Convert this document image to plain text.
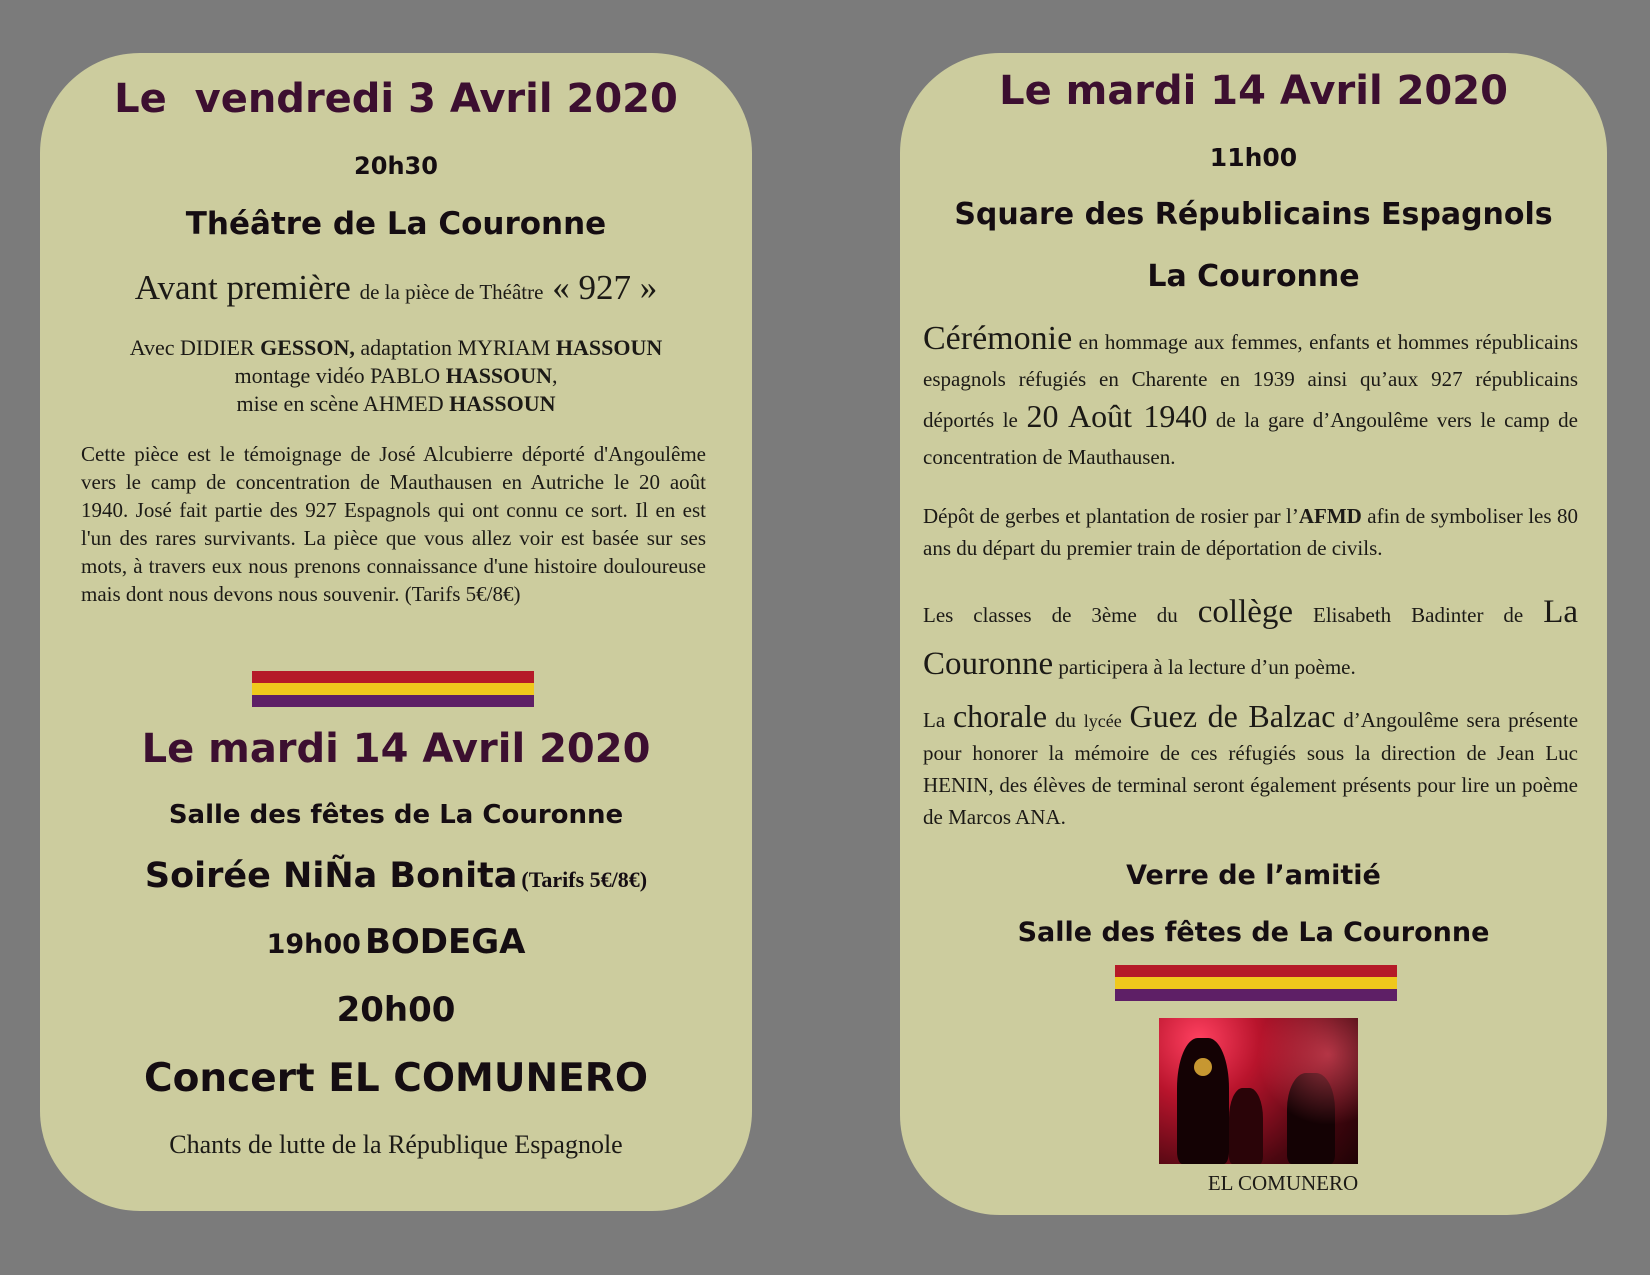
Le  vendredi 3 Avril 2020
20h30
Théâtre de La Couronne
Avant première de la pièce de Théâtre « 927 »
Avec DIDIER GESSON, adaptation MYRIAM HASSOUN
montage vidéo PABLO HASSOUN,
mise en scène AHMED HASSOUN

Cette pièce est le témoignage de José Alcubierre déporté d'Angoulême vers le camp de concentration de Mauthausen en Autriche le 20 août 1940. José fait partie des 927 Espagnols qui ont connu ce sort. Il en est l'un des rares survivants. La pièce que vous allez voir est basée sur ses mots, à travers eux nous prenons connaissance d'une histoire douloureuse mais dont nous devons nous souvenir. (Tarifs 5€/8€)

Le mardi 14 Avril 2020
Salle des fêtes de La Couronne
Soirée NiÑa Bonita (Tarifs 5€/8€)
19h00 BODEGA
20h00
Concert EL COMUNERO
Chants de lutte de la République Espagnole
Le mardi 14 Avril 2020
11h00
Square des Républicains Espagnols
La Couronne

Cérémonie en hommage aux femmes, enfants et hommes républicains espagnols réfugiés en Charente en 1939 ainsi qu’aux 927 républicains déportés le 20 Août 1940 de la gare d’Angoulême vers le camp de concentration de Mauthausen.

Dépôt de gerbes et plantation de rosier par l’AFMD afin de symboliser les 80 ans du départ du premier train de déportation de civils.

Les classes de 3ème du collège Elisabeth Badinter de La Couronne participera à la lecture d’un poème.

La chorale du lycée Guez de Balzac d’Angoulême sera présente pour honorer la mémoire de ces réfugiés sous la direction de Jean Luc HENIN, des élèves de terminal seront également présents pour lire un poème de Marcos ANA.

Verre de l’amitié
Salle des fêtes de La Couronne
EL COMUNERO
